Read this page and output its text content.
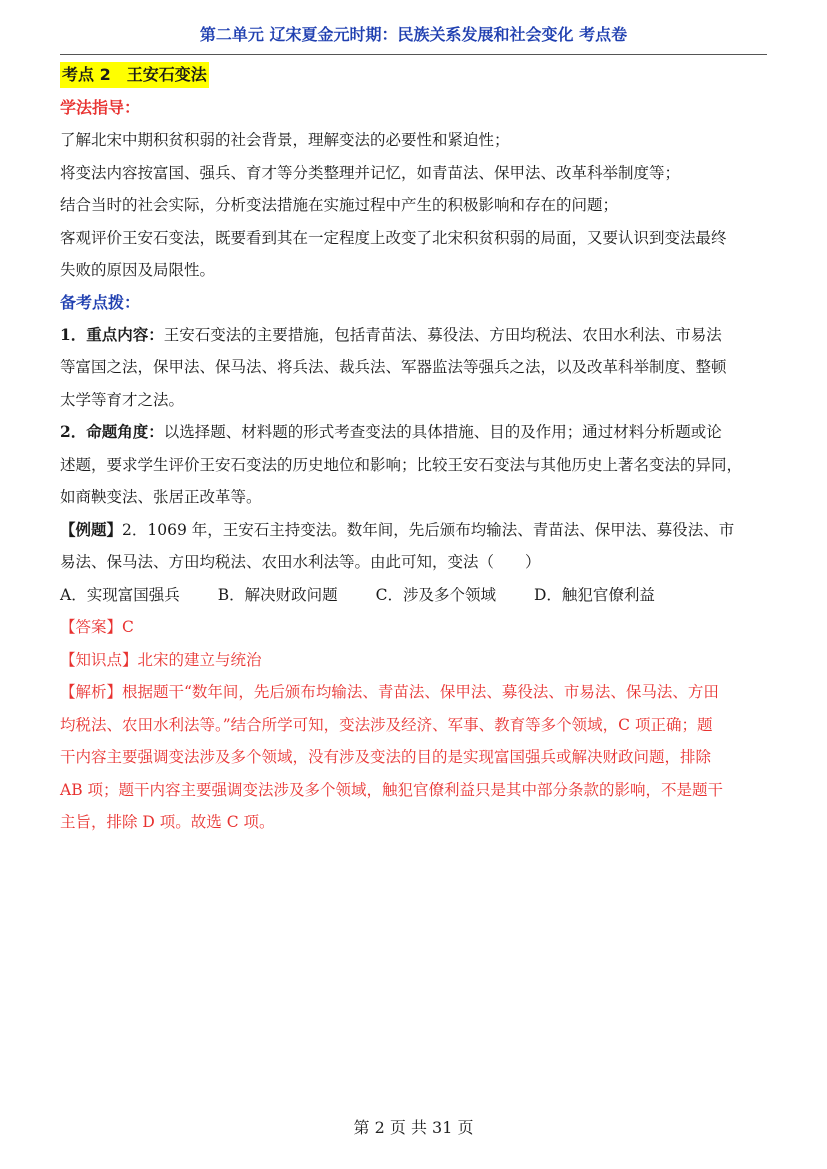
第二单元 辽宋夏金元时期：民族关系发展和社会变化 考点卷
考点 2　王安石变法
学法指导：

了解北宋中期积贫积弱的社会背景，理解变法的必要性和紧迫性；

将变法内容按富国、强兵、育才等分类整理并记忆，如青苗法、保甲法、改革科举制度等；

结合当时的社会实际，分析变法措施在实施过程中产生的积极影响和存在的问题；

客观评价王安石变法，既要看到其在一定程度上改变了北宋积贫积弱的局面，又要认识到变法最终

失败的原因及局限性。

备考点拨：

1．重点内容：王安石变法的主要措施，包括青苗法、募役法、方田均税法、农田水利法、市易法

等富国之法，保甲法、保马法、将兵法、裁兵法、军器监法等强兵之法，以及改革科举制度、整顿

太学等育才之法。

2．命题角度：以选择题、材料题的形式考查变法的具体措施、目的及作用；通过材料分析题或论

述题，要求学生评价王安石变法的历史地位和影响；比较王安石变法与其他历史上著名变法的异同，

如商鞅变法、张居正改革等。

【例题】2．1069 年，王安石主持变法。数年间，先后颁布均输法、青苗法、保甲法、募役法、市

易法、保马法、方田均税法、农田水利法等。由此可知，变法（　　）

A．实现富国强兵 B．解决财政问题 C．涉及多个领域 D．触犯官僚利益

【答案】C

【知识点】北宋的建立与统治

【解析】根据题干“数年间，先后颁布均输法、青苗法、保甲法、募役法、市易法、保马法、方田

均税法、农田水利法等。”结合所学可知，变法涉及经济、军事、教育等多个领域，C 项正确；题

干内容主要强调变法涉及多个领域，没有涉及变法的目的是实现富国强兵或解决财政问题，排除

AB 项；题干内容主要强调变法涉及多个领域，触犯官僚利益只是其中部分条款的影响，不是题干

主旨，排除 D 项。故选 C 项。

第 2 页 共 31 页
